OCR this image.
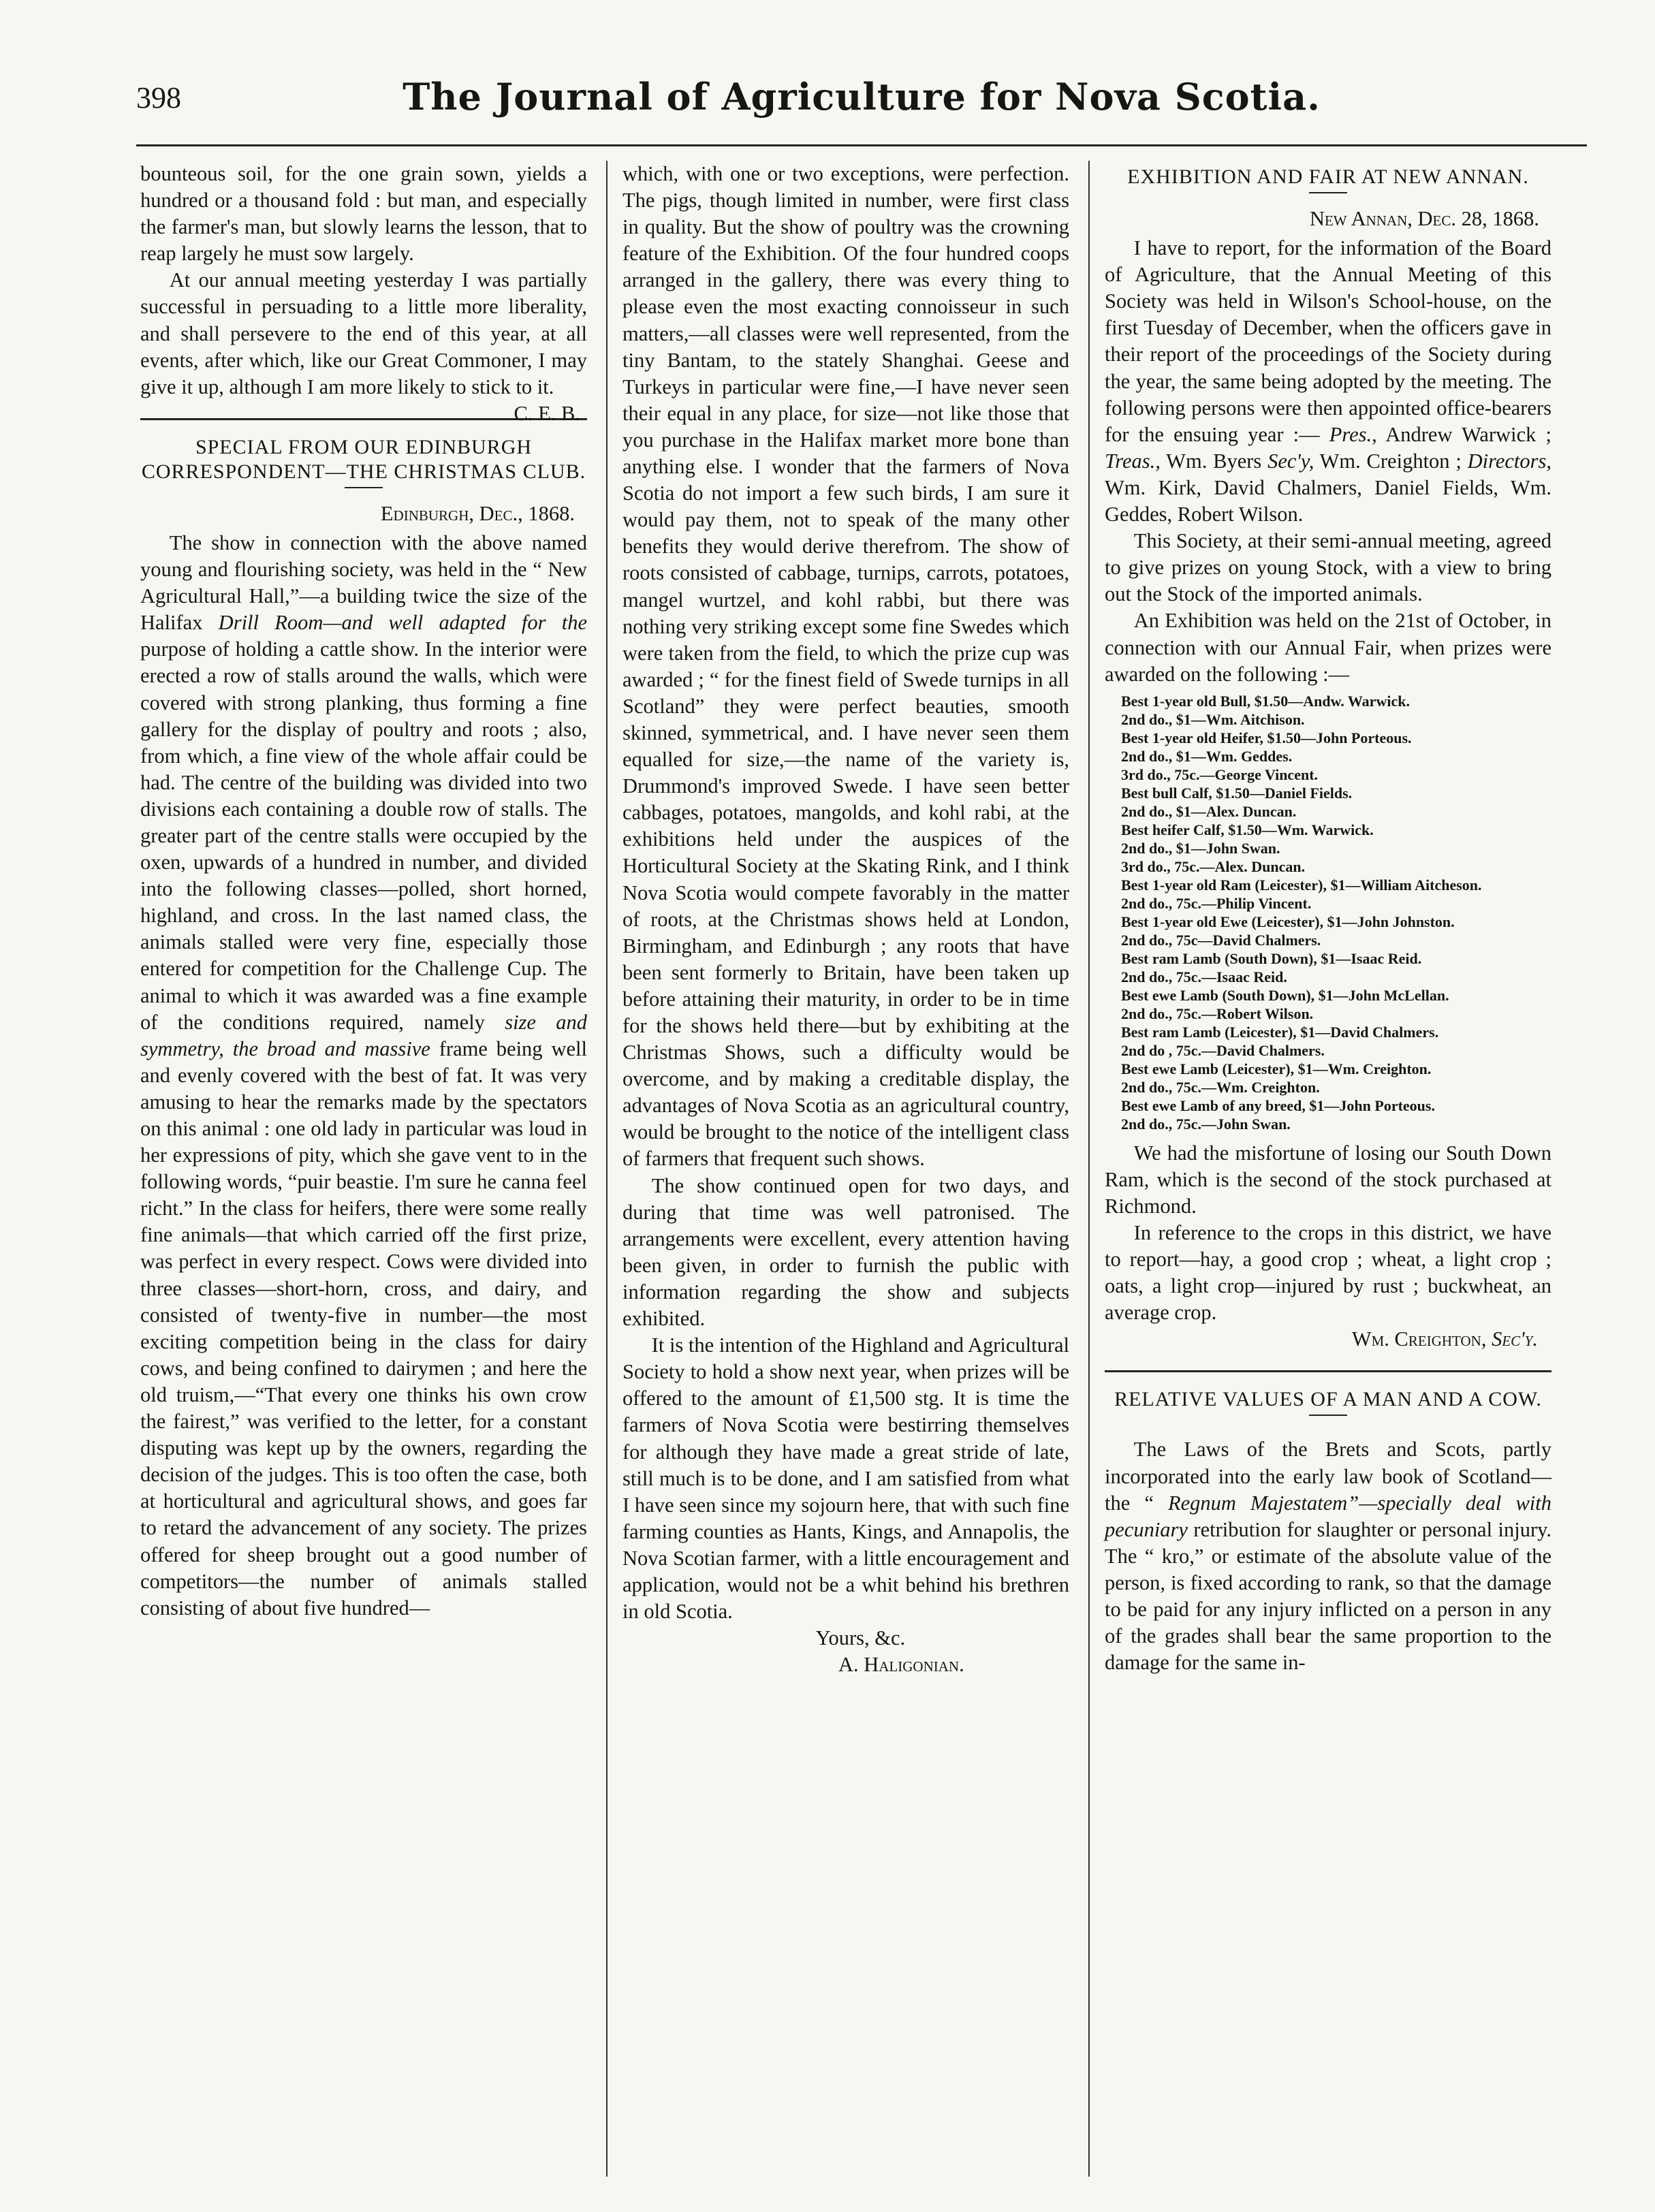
398	The Journal of Agriculture for Nova Scotia.

bounteous soil, for the one grain sown, yields a hundred or a thousand fold : but man, and especially the farmer's man, but slowly learns the lesson, that to reap largely he must sow largely.

At our annual meeting yesterday I was partially successful in persuading to a little more liberality, and shall persevere to the end of this year, at all events, after which, like our Great Commoner, I may give it up, although I am more likely to stick to it.
C. E. B.

SPECIAL FROM OUR EDINBURGH CORRESPONDENT—THE CHRISTMAS CLUB.
Edinburgh, Dec., 1868.

The show in connection with the above named young and flourishing society, was held in the “ New Agricultural Hall,”—a building twice the size of the Halifax Drill Room—and well adapted for the purpose of holding a cattle show. In the interior were erected a row of stalls around the walls, which were covered with strong planking, thus forming a fine gallery for the display of poultry and roots ; also, from which, a fine view of the whole affair could be had. The centre of the building was divided into two divisions each containing a double row of stalls. The greater part of the centre stalls were occupied by the oxen, upwards of a hundred in number, and divided into the following classes—polled, short horned, highland, and cross. In the last named class, the animals stalled were very fine, especially those entered for competition for the Challenge Cup. The animal to which it was awarded was a fine example of the conditions required, namely size and symmetry, the broad and massive frame being well and evenly covered with the best of fat. It was very amusing to hear the remarks made by the spectators on this animal : one old lady in particular was loud in her expressions of pity, which she gave vent to in the following words, “puir beastie. I'm sure he canna feel richt.” In the class for heifers, there were some really fine animals—that which carried off the first prize, was perfect in every respect. Cows were divided into three classes—short-horn, cross, and dairy, and consisted of twenty-five in number—the most exciting competition being in the class for dairy cows, and being confined to dairymen ; and here the old truism,—“That every one thinks his own crow the fairest,” was verified to the letter, for a constant disputing was kept up by the owners, regarding the decision of the judges. This is too often the case, both at horticultural and agricultural shows, and goes far to retard the advancement of any society. The prizes offered for sheep brought out a good number of competitors—the number of animals stalled consisting of about five hundred—

which, with one or two exceptions, were perfection. The pigs, though limited in number, were first class in quality. But the show of poultry was the crowning feature of the Exhibition. Of the four hundred coops arranged in the gallery, there was every thing to please even the most exacting connoisseur in such matters,—all classes were well represented, from the tiny Bantam, to the stately Shanghai. Geese and Turkeys in particular were fine,—I have never seen their equal in any place, for size—not like those that you purchase in the Halifax market more bone than anything else. I wonder that the farmers of Nova Scotia do not import a few such birds, I am sure it would pay them, not to speak of the many other benefits they would derive therefrom. The show of roots consisted of cabbage, turnips, carrots, potatoes, mangel wurtzel, and kohl rabbi, but there was nothing very striking except some fine Swedes which were taken from the field, to which the prize cup was awarded ; “ for the finest field of Swede turnips in all Scotland” they were perfect beauties, smooth skinned, symmetrical, and. I have never seen them equalled for size,—the name of the variety is, Drummond's improved Swede. I have seen better cabbages, potatoes, mangolds, and kohl rabi, at the exhibitions held under the auspices of the Horticultural Society at the Skating Rink, and I think Nova Scotia would compete favorably in the matter of roots, at the Christmas shows held at London, Birmingham, and Edinburgh ; any roots that have been sent formerly to Britain, have been taken up before attaining their maturity, in order to be in time for the shows held there—but by exhibiting at the Christmas Shows, such a difficulty would be overcome, and by making a creditable display, the advantages of Nova Scotia as an agricultural country, would be brought to the notice of the intelligent class of farmers that frequent such shows.

The show continued open for two days, and during that time was well patronised. The arrangements were excellent, every attention having been given, in order to furnish the public with information regarding the show and subjects exhibited.

It is the intention of the Highland and Agricultural Society to hold a show next year, when prizes will be offered to the amount of £1,500 stg. It is time the farmers of Nova Scotia were bestirring themselves for although they have made a great stride of late, still much is to be done, and I am satisfied from what I have seen since my sojourn here, that with such fine farming counties as Hants, Kings, and Annapolis, the Nova Scotian farmer, with a little encouragement and application, would not be a whit behind his brethren in old Scotia.

Yours, &c.

A. Haligonian.

EXHIBITION AND FAIR AT NEW ANNAN.
New Annan, Dec. 28, 1868.

I have to report, for the information of the Board of Agriculture, that the Annual Meeting of this Society was held in Wilson's School-house, on the first Tuesday of December, when the officers gave in their report of the proceedings of the Society during the year, the same being adopted by the meeting. The following persons were then appointed office-bearers for the ensuing year :— Pres., Andrew Warwick ; Treas., Wm. Byers Sec'y, Wm. Creighton ; Directors, Wm. Kirk, David Chalmers, Daniel Fields, Wm. Geddes, Robert Wilson.

This Society, at their semi-annual meeting, agreed to give prizes on young Stock, with a view to bring out the Stock of the imported animals.

An Exhibition was held on the 21st of October, in connection with our Annual Fair, when prizes were awarded on the following :—

Best 1-year old Bull, $1.50—Andw. Warwick.
2nd do., $1—Wm. Aitchison.
Best 1-year old Heifer, $1.50—John Porteous.
2nd do., $1—Wm. Geddes.
3rd do., 75c.—George Vincent.
Best bull Calf, $1.50—Daniel Fields.
2nd do., $1—Alex. Duncan.
Best heifer Calf, $1.50—Wm. Warwick.
2nd do., $1—John Swan.
3rd do., 75c.—Alex. Duncan.
Best 1-year old Ram (Leicester), $1—William Aitcheson.
2nd do., 75c.—Philip Vincent.
Best 1-year old Ewe (Leicester), $1—John Johnston.
2nd do., 75c—David Chalmers.
Best ram Lamb (South Down), $1—Isaac Reid.
2nd do., 75c.—Isaac Reid.
Best ewe Lamb (South Down), $1—John McLellan.
2nd do., 75c.—Robert Wilson.
Best ram Lamb (Leicester), $1—David Chalmers.
2nd do , 75c.—David Chalmers.
Best ewe Lamb (Leicester), $1—Wm. Creighton.
2nd do., 75c.—Wm. Creighton.
Best ewe Lamb of any breed, $1—John Porteous.
2nd do., 75c.—John Swan.

We had the misfortune of losing our South Down Ram, which is the second of the stock purchased at Richmond.

In reference to the crops in this district, we have to report—hay, a good crop ; wheat, a light crop ; oats, a light crop—injured by rust ; buckwheat, an average crop.

Wm. Creighton, Sec'y.

RELATIVE VALUES OF A MAN AND A COW.

The Laws of the Brets and Scots, partly incorporated into the early law book of Scotland—the “ Regnum Majestatem”—specially deal with pecuniary retribution for slaughter or personal injury. The “ kro,” or estimate of the absolute value of the person, is fixed according to rank, so that the damage to be paid for any injury inflicted on a person in any of the grades shall bear the same proportion to the damage for the same in-
